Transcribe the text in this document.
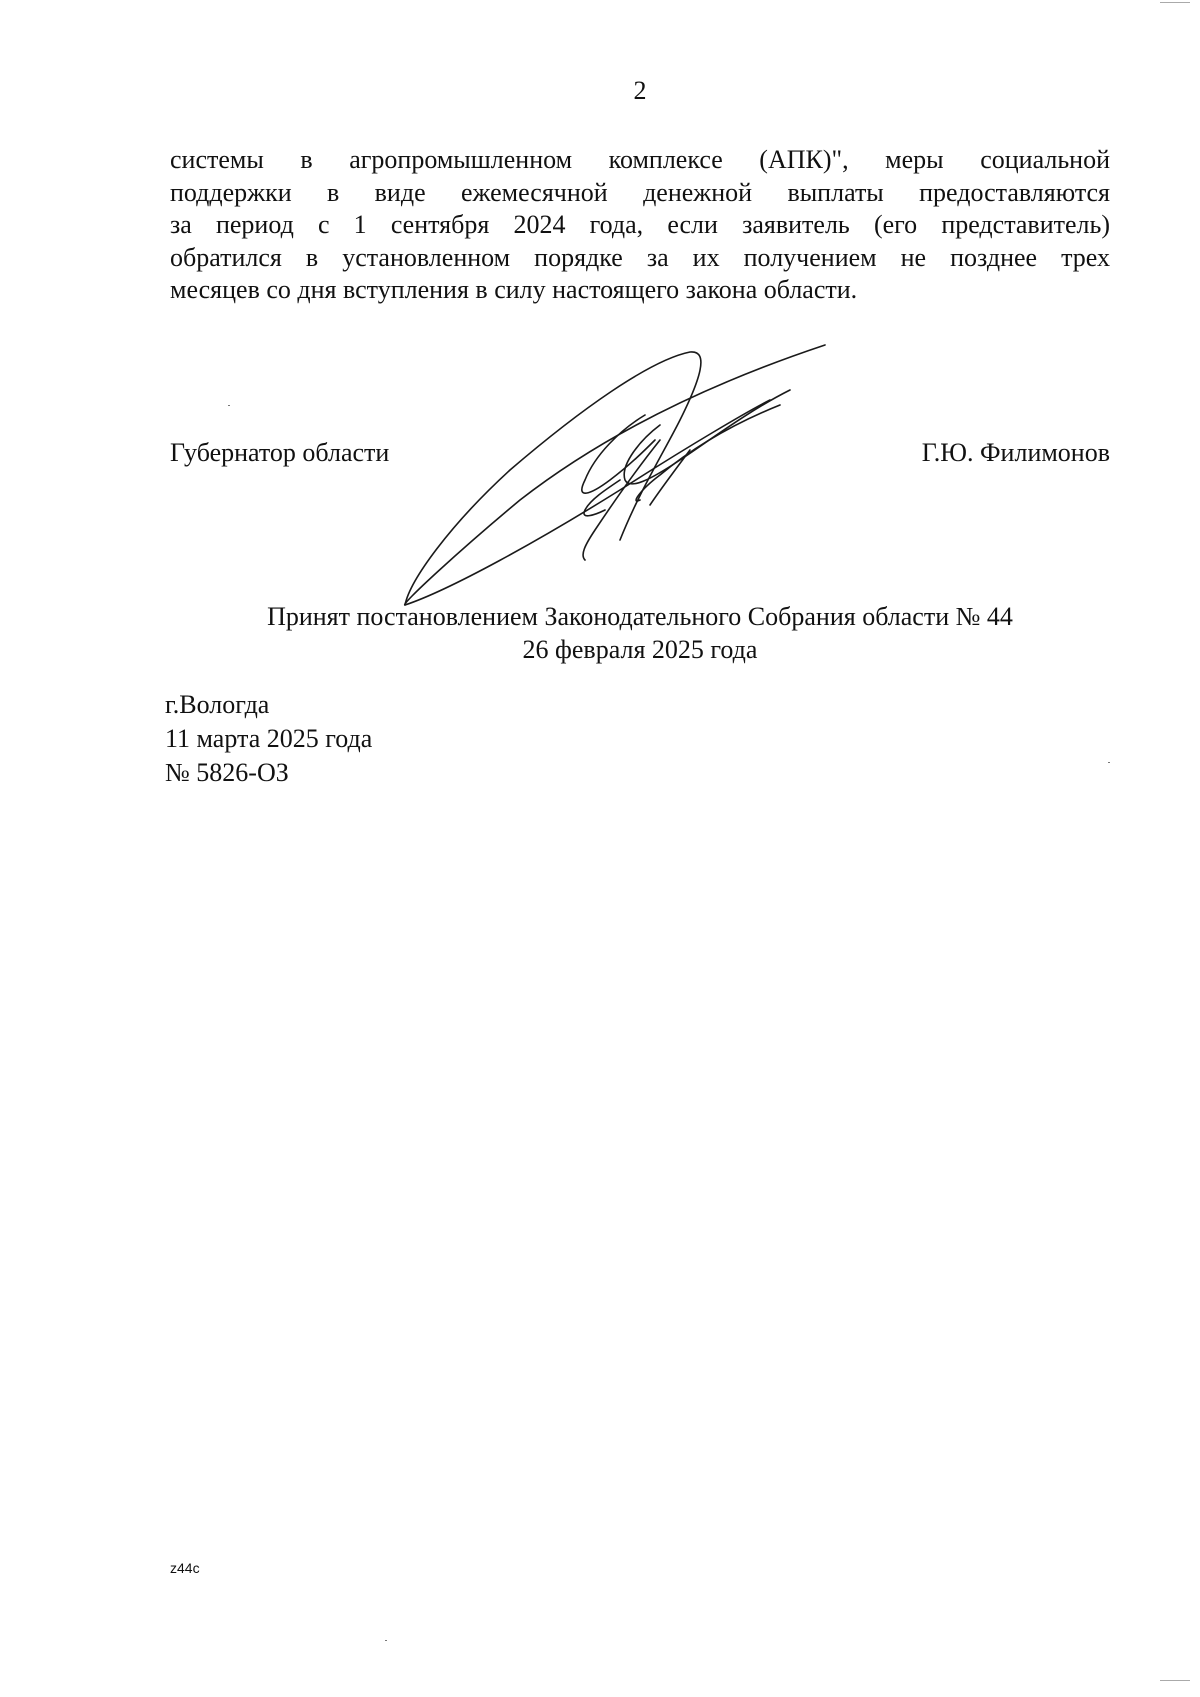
2
системы в агропромышленном комплексе (АПК)", меры социальной
поддержки в виде ежемесячной денежной выплаты предоставляются
за период с 1 сентября 2024 года, если заявитель (его представитель)
обратился в установленном порядке за их получением не позднее трех
месяцев со дня вступления в силу настоящего закона области.
Губернатор области	Г.Ю. Филимонов
Принят постановлением Законодательного Собрания области № 44
26 февраля 2025 года
г.Вологда
11 марта 2025 года
№ 5826-ОЗ
z44c
